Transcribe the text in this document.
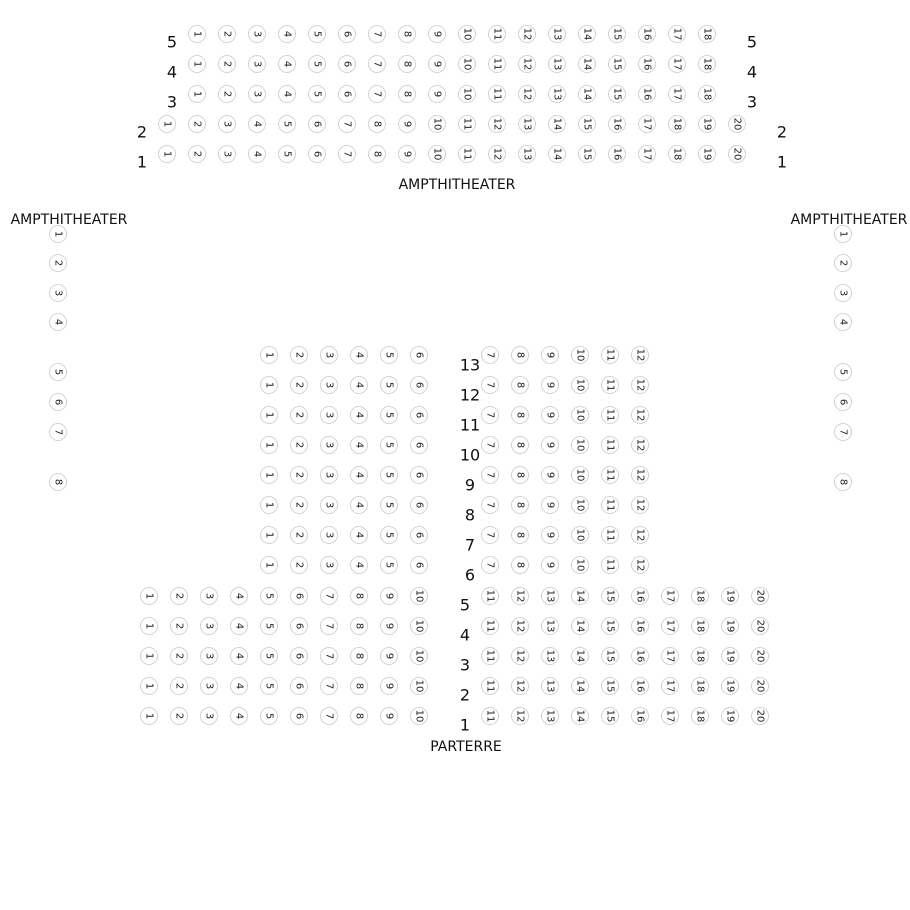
1 2 3 4 5 6 7 8 9 10 11 12 13 14 15 16 17 18
5	5
1 2 3 4 5 6 7 8 9 10 11 12 13 14 15 16 17 18
4	4
1 2 3 4 5 6 7 8 9 10 11 12 13 14 15 16 17 18
3	3
1 2 3 4 5 6 7 8 9 10 11 12 13 14 15 16 17 18 19 20
2	2
1 2 3 4 5 6 7 8 9 10 11 12 13 14 15 16 17 18 19 20
1	1
AMPTHITHEATER
1
2
3
4
5
6
7
8
AMPTHITHEATER
1
2
3
4
5
6
7
8
AMPTHITHEATER
1 2 3 4 5 6	7 8 9 10 11 12
13
1 2 3 4 5 6	7 8 9 10 11 12
12
1 2 3 4 5 6	7 8 9 10 11 12
11
1 2 3 4 5 6	7 8 9 10 11 12
10
1 2 3 4 5 6	7 8 9 10 11 12
9
1 2 3 4 5 6	7 8 9 10 11 12
8
1 2 3 4 5 6	7 8 9 10 11 12
7
1 2 3 4 5 6	7 8 9 10 11 12
6
1 2 3 4 5 6 7 8 9 10	11 12 13 14 15 16 17 18 19 20
5
1 2 3 4 5 6 7 8 9 10	11 12 13 14 15 16 17 18 19 20
4
1 2 3 4 5 6 7 8 9 10	11 12 13 14 15 16 17 18 19 20
3
1 2 3 4 5 6 7 8 9 10	11 12 13 14 15 16 17 18 19 20
2
1 2 3 4 5 6 7 8 9 10	11 12 13 14 15 16 17 18 19 20
1
PARTERRE
